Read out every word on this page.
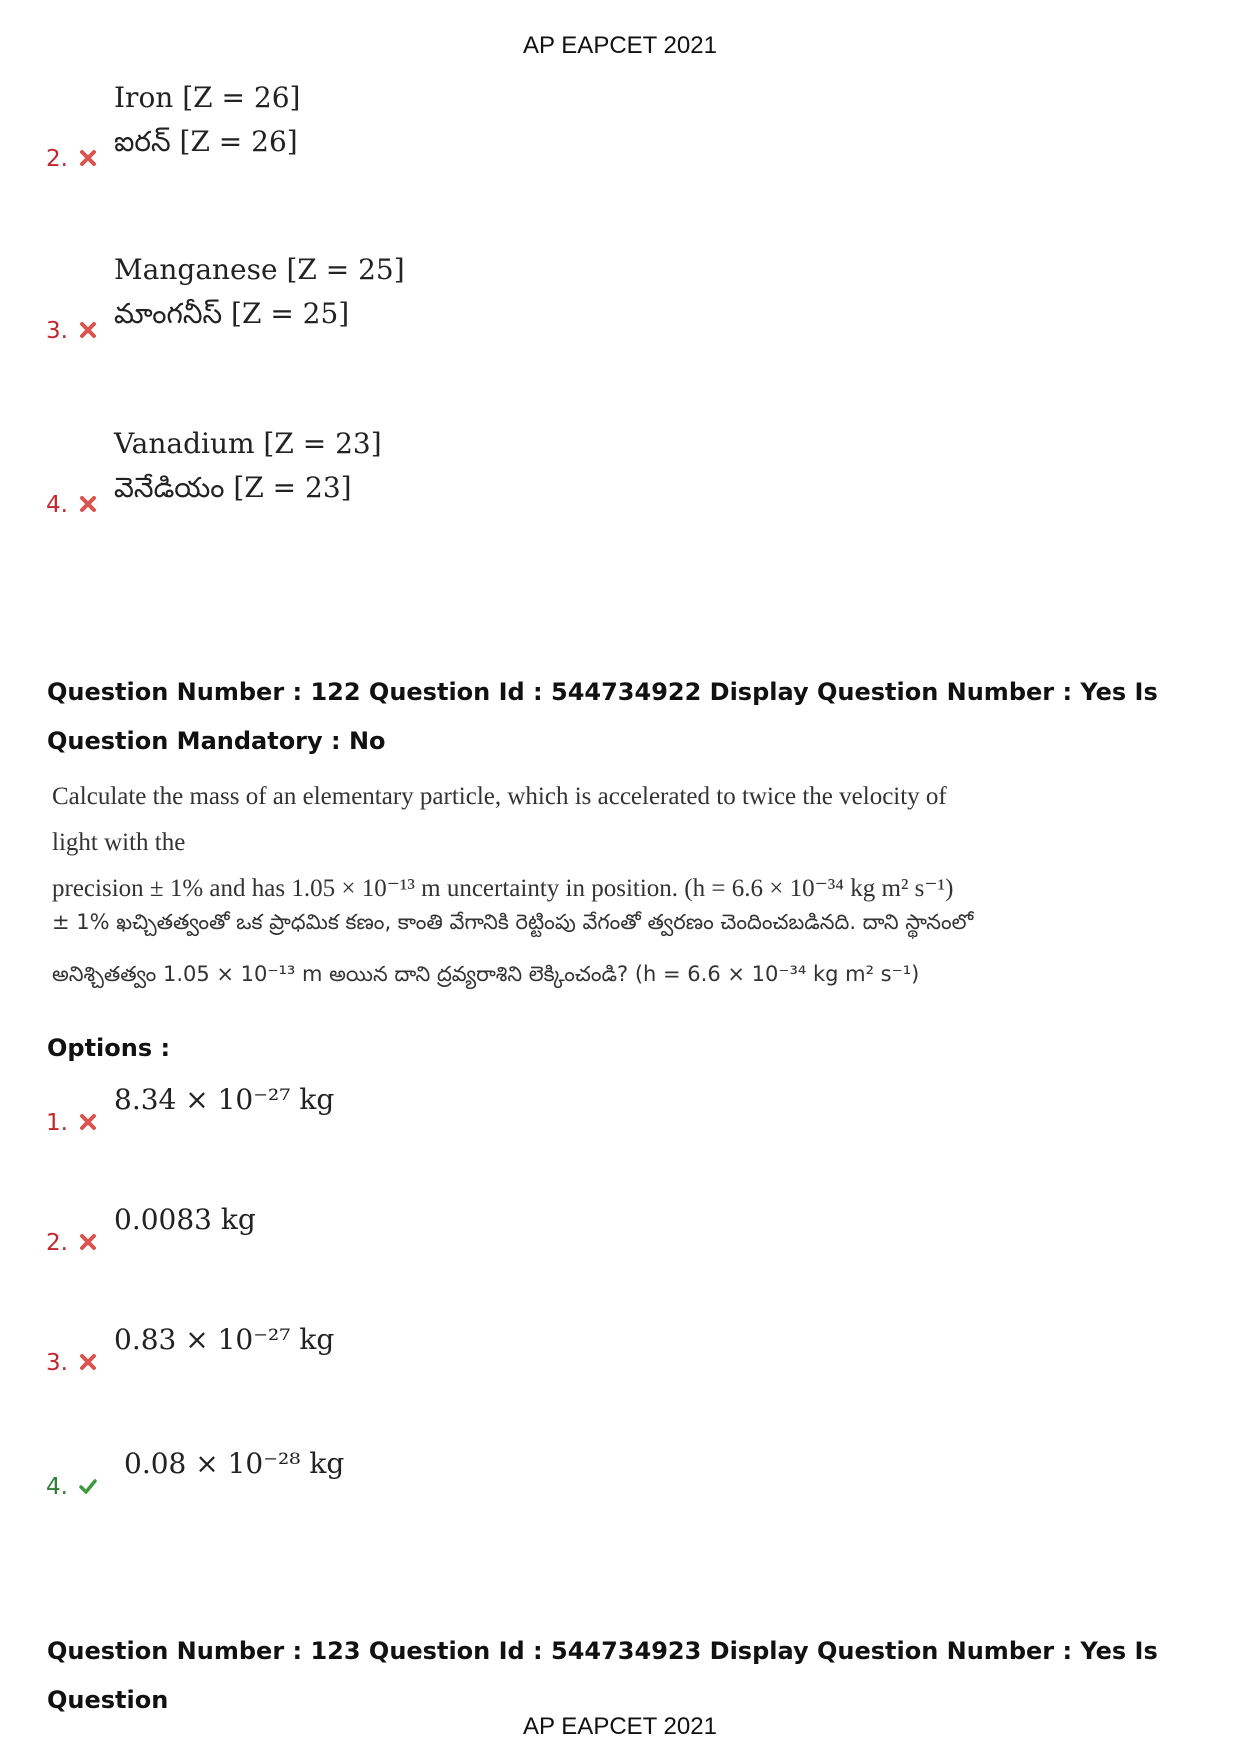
AP EAPCET 2021
2.
Iron [Z = 26]
ఐరన్ [Z = 26]
3.
Manganese [Z = 25]
మాంగనీస్ [Z = 25]
4.
Vanadium [Z = 23]
వెనేడియం [Z = 23]
Question Number : 122 Question Id : 544734922 Display Question Number : Yes Is Question Mandatory : No
Calculate the mass of an elementary particle, which is accelerated to twice the velocity of light with the
precision ± 1% and has 1.05 × 10⁻¹³ m uncertainty in position. (h = 6.6 × 10⁻³⁴ kg m² s⁻¹)
± 1% ఖచ్చితత్వంతో ఒక ప్రాధమిక కణం, కాంతి వేగానికి రెట్టింపు వేగంతో త్వరణం చెందించబడినది. దాని స్థానంలో
అనిశ్చితత్వం 1.05 × 10⁻¹³ m అయిన దాని ద్రవ్యరాశిని లెక్కించండి? (h = 6.6 × 10⁻³⁴ kg m² s⁻¹)
Options :
1.
8.34 × 10⁻²⁷ kg
2.
0.0083 kg
3.
0.83 × 10⁻²⁷ kg
4.
0.08 × 10⁻²⁸ kg
Question Number : 123 Question Id : 544734923 Display Question Number : Yes Is Question
AP EAPCET 2021
